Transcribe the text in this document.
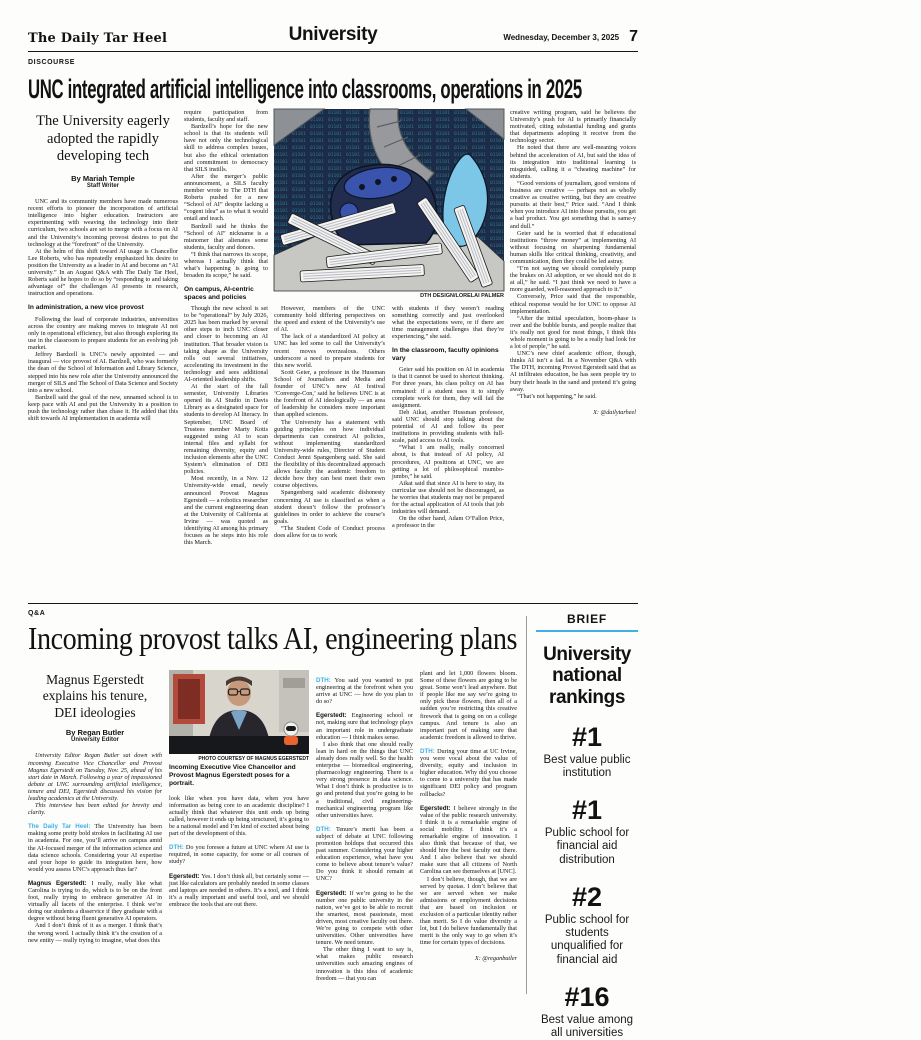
The Daily Tar Heel	University	Wednesday, December 3, 2025 7
DISCOURSE
UNC integrated artificial intelligence into classrooms, operations in 2025
The University eagerly adopted the rapidly developing tech
By Mariah Temple
Staff Writer

UNC and its community members have made numerous recent efforts to pioneer the incorporation of artificial intelligence into higher education. Instructors are experimenting with weaving the technology into their curriculum, two schools are set to merge with a focus on AI and the University’s incoming provost desires to put the technology at the “forefront” of the University.

At the helm of this shift toward AI usage is Chancellor Lee Roberts, who has repeatedly emphasized his desire to position the University as a leader in AI and become an “AI university.” In an August Q&A with The Daily Tar Heel, Roberts said he hopes to do so by “responding to and taking advantage of” the challenges AI presents in research, instruction and operations.

In administration, a new vice provost

Following the lead of corporate industries, universities across the country are making moves to integrate AI not only in operational efficiency, but also through exploring its use in the classroom to prepare students for an evolving job market.

Jeffrey Bardzell is UNC’s newly appointed — and inaugural — vice provost of AI. Bardzell, who was formerly the dean of the School of Information and Library Science, stepped into his new role after the University announced the merger of SILS and The School of Data Science and Society into a new school.

Bardzell said the goal of the new, unnamed school is to keep pace with AI and put the University in a position to push the technology rather than chase it. He added that this shift towards AI implementation in academia will

require participation from students, faculty and staff.

Bardzell’s hope for the new school is that its students will have not only the technological skill to address complex issues, but also the ethical orientation and commitment to democracy that SILS instills.

After the merger’s public announcement, a SILS faculty member wrote to The DTH that Roberts pushed for a new “School of AI” despite lacking a “cogent idea” as to what it would entail and teach.

Bardzell said he thinks the “School of AI” nickname is a misnomer that alienates some students, faculty and donors.

“I think that narrows its scope, whereas I actually think that what’s happening is going to broaden its scope,” he said.

On campus, AI-centric spaces and policies

Though the new school is set to be “operational” by July 2026, 2025 has been marked by several other steps to inch UNC closer and closer to becoming an AI institution. That broader vision is taking shape as the University rolls out several initiatives, accelerating its investment in the technology and sees additional AI-oriented leadership shifts.

At the start of the fall semester, University Libraries opened its AI Studio in Davis Library as a designated space for students to develop AI literacy. In September, UNC Board of Trustees member Marty Kotis suggested using AI to scan internal files and syllabi for remaining diversity, equity and inclusion elements after the UNC System’s elimination of DEI policies.

Most recently, in a Nov. 12 University-wide email, newly announced Provost Magnus Egerstedt — a robotics researcher and the current engineering dean at the University of California at Irvine — was quoted as identifying AI among his primary focuses as he steps into his role this March.

DTH DESIGN/LORELAI PALMER

However, members of the UNC community hold differing perspectives on the speed and extent of the University’s use of AI.

The lack of a standardized AI policy at UNC has led some to call the University’s recent moves overzealous. Others underscore a need to prepare students for this new world.

Scott Geier, a professor in the Hussman School of Journalism and Media and founder of UNC’s new AI festival ‘Converge-Con,’ said he believes UNC is at the forefront of AI ideologically — an area of leadership he considers more important than applied sciences.

The University has a statement with guiding principles on how individual departments can construct AI policies, without implementing standardized University-wide rules, Director of Student Conduct Jenni Spangenberg said. She said the flexibility of this decentralized approach allows faculty the academic freedom to decide how they can best meet their own course objectives.

Spangenberg said academic dishonesty concerning AI use is classified as when a student doesn’t follow the professor’s guidelines in order to achieve the course’s goals.

“The Student Code of Conduct process does allow for us to work

with students if they weren’t reading something correctly and just overlooked what the expectations were, or if there are time management challenges that they’re experiencing,” she said.

In the classroom, faculty opinions vary

Geier said his position on AI in academia is that it cannot be used to shortcut thinking. For three years, his class policy on AI has remained: if a student uses it to simply complete work for them, they will fail the assignment.

Deb Aikat, another Hussman professor, said UNC should stop talking about the potential of AI and follow its peer institutions in providing students with full-scale, paid access to AI tools.

“What I am really, really concerned about, is that instead of AI policy, AI procedures, AI positions at UNC, we are getting a lot of philosophical mumbo-jumbo,” he said.

Aikat said that since AI is here to stay, its curricular use should not be discouraged, as he worries that students may not be prepared for the actual application of AI tools that job industries will demand.

On the other hand, Adam O’Fallon Price, a professor in the

creative writing program, said he believes the University’s push for AI is primarily financially motivated, citing substantial funding and grants that departments adopting it receive from the technology sector.

He noted that there are well-meaning voices behind the acceleration of AI, but said the idea of its integration into traditional learning is misguided, calling it a “cheating machine” for students.

“Good versions of journalism, good versions of business are creative — perhaps not as wholly creative as creative writing, but they are creative pursuits at their best,” Price said. “And I think when you introduce AI into those pursuits, you get a bad product. You get something that is same-y and dull.”

Geier said he is worried that if educational institutions “throw money” at implementing AI without focusing on sharpening fundamental human skills like critical thinking, creativity, and communication, then they could be led astray.

“I’m not saying we should completely pump the brakes on AI adoption, or we should not do it at all,” he said. “I just think we need to have a more guarded, well-reasoned approach to it.”

Conversely, Price said that the responsible, ethical response would be for UNC to oppose AI implementation.

“After the initial speculation, boom-phase is over and the bubble bursts, and people realize that it’s really not good for most things, I think this whole moment is going to be a really bad look for a lot of people,” he said.

UNC’s new chief academic officer, though, thinks AI isn’t a fad. In a November Q&A with The DTH, incoming Provost Egerstedt said that as AI infiltrates education, he has seen people try to bury their heads in the sand and pretend it’s going away.

“That’s not happening,” he said.

X: @dailytarheel

Q&A
Incoming provost talks AI, engineering plans
Magnus Egerstedt explains his tenure, DEI ideologies
By Regan Butler
University Editor

University Editor Regan Butler sat down with incoming Executive Vice Chancellor and Provost Magnus Egerstedt on Tuesday, Nov. 25, ahead of his start date in March. Following a year of impassioned debate at UNC surrounding artificial intelligence, tenure and DEI, Egerstedt discussed his vision for leading academics at the University.

This interview has been edited for brevity and clarity.

The Daily Tar Heel: The University has been making some pretty bold strokes in facilitating AI use in academia. For one, you’ll arrive on campus amid the AI-focused merger of the information science and data science schools. Considering your AI expertise and your hope to guide its integration here, how would you assess UNC’s approach thus far?

Magnus Egerstedt: I really, really like what Carolina is trying to do, which is to be on the front foot, really trying to embrace generative AI in virtually all facets of the enterprise. I think we’re doing our students a disservice if they graduate with a degree without being fluent generative AI operators.

And I don’t think of it as a merger. I think that’s the wrong word. I actually think it’s the creation of a new entity — really trying to imagine, what does this

PHOTO COURTESY OF MAGNUS EGERSTEDT
Incoming Executive Vice Chancellor and Provost Magnus Egerstedt poses for a portrait.

look like when you have data, when you have information as being core to an academic discipline? I actually think that whatever this unit ends up being called, however it ends up being structured, it’s going to be a national model and I’m kind of excited about being part of the development of this.

DTH: Do you foresee a future at UNC where AI use is required, in some capacity, for some or all courses of study?

Egerstedt: Yes. I don’t think all, but certainly some — just like calculators are probably needed in some classes and laptops are needed in others. It’s a tool, and I think it’s a really important and useful tool, and we should embrace the tools that are out there.

DTH: You said you wanted to put engineering at the forefront when you arrive at UNC — how do you plan to do so?

Egerstedt: Engineering school or not, making sure that technology plays an important role in undergraduate education — I think makes sense.

I also think that one should really lean in hard on the things that UNC already does really well. So the health enterprise — biomedical engineering, pharmacology engineering. There is a very strong presence in data science. What I don’t think is productive is to go and pretend that you’re going to be a traditional, civil engineering-mechanical engineering program like other universities have.

DTH: Tenure’s merit has been a subject of debate at UNC following promotion holdups that occurred this past summer. Considering your higher education experience, what have you come to believe about tenure’s value? Do you think it should remain at UNC?

Egerstedt: If we’re going to be the number one public university in the nation, we’ve got to be able to recruit the smartest, most passionate, most driven, most creative faculty out there. We’re going to compete with other universities. Other universities have tenure. We need tenure.

The other thing I want to say is, what makes public research universities such amazing engines of innovation is this idea of academic freedom — that you can

plant and let 1,000 flowers bloom. Some of these flowers are going to be great. Some won’t lead anywhere. But if people like me say we’re going to only pick these flowers, then all of a sudden you’re restricting this creative firework that is going on on a college campus. And tenure is also an important part of making sure that academic freedom is allowed to thrive.

DTH: During your time at UC Irvine, you were vocal about the value of diversity, equity and inclusion in higher education. Why did you choose to come to a university that has made significant DEI policy and program rollbacks?

Egerstedt: I believe strongly in the value of the public research university. I think it is a remarkable engine of social mobility. I think it’s a remarkable engine of innovation. I also think that because of that, we should hire the best faculty out there. And I also believe that we should make sure that all citizens of North Carolina can see themselves at [UNC].

I don’t believe, though, that we are served by quotas. I don’t believe that we are served when we make admissions or employment decisions that are based on inclusion or exclusion of a particular identity rather than merit. So I do value diversity a lot, but I do believe fundamentally that merit is the only way to go when it’s time for certain types of decisions.

X: @reganbutler

BRIEF
University national rankings
#1
Best value public institution
#1
Public school for financial aid distribution
#2
Public school for students unqualified for financial aid
#16
Best value among all universities
